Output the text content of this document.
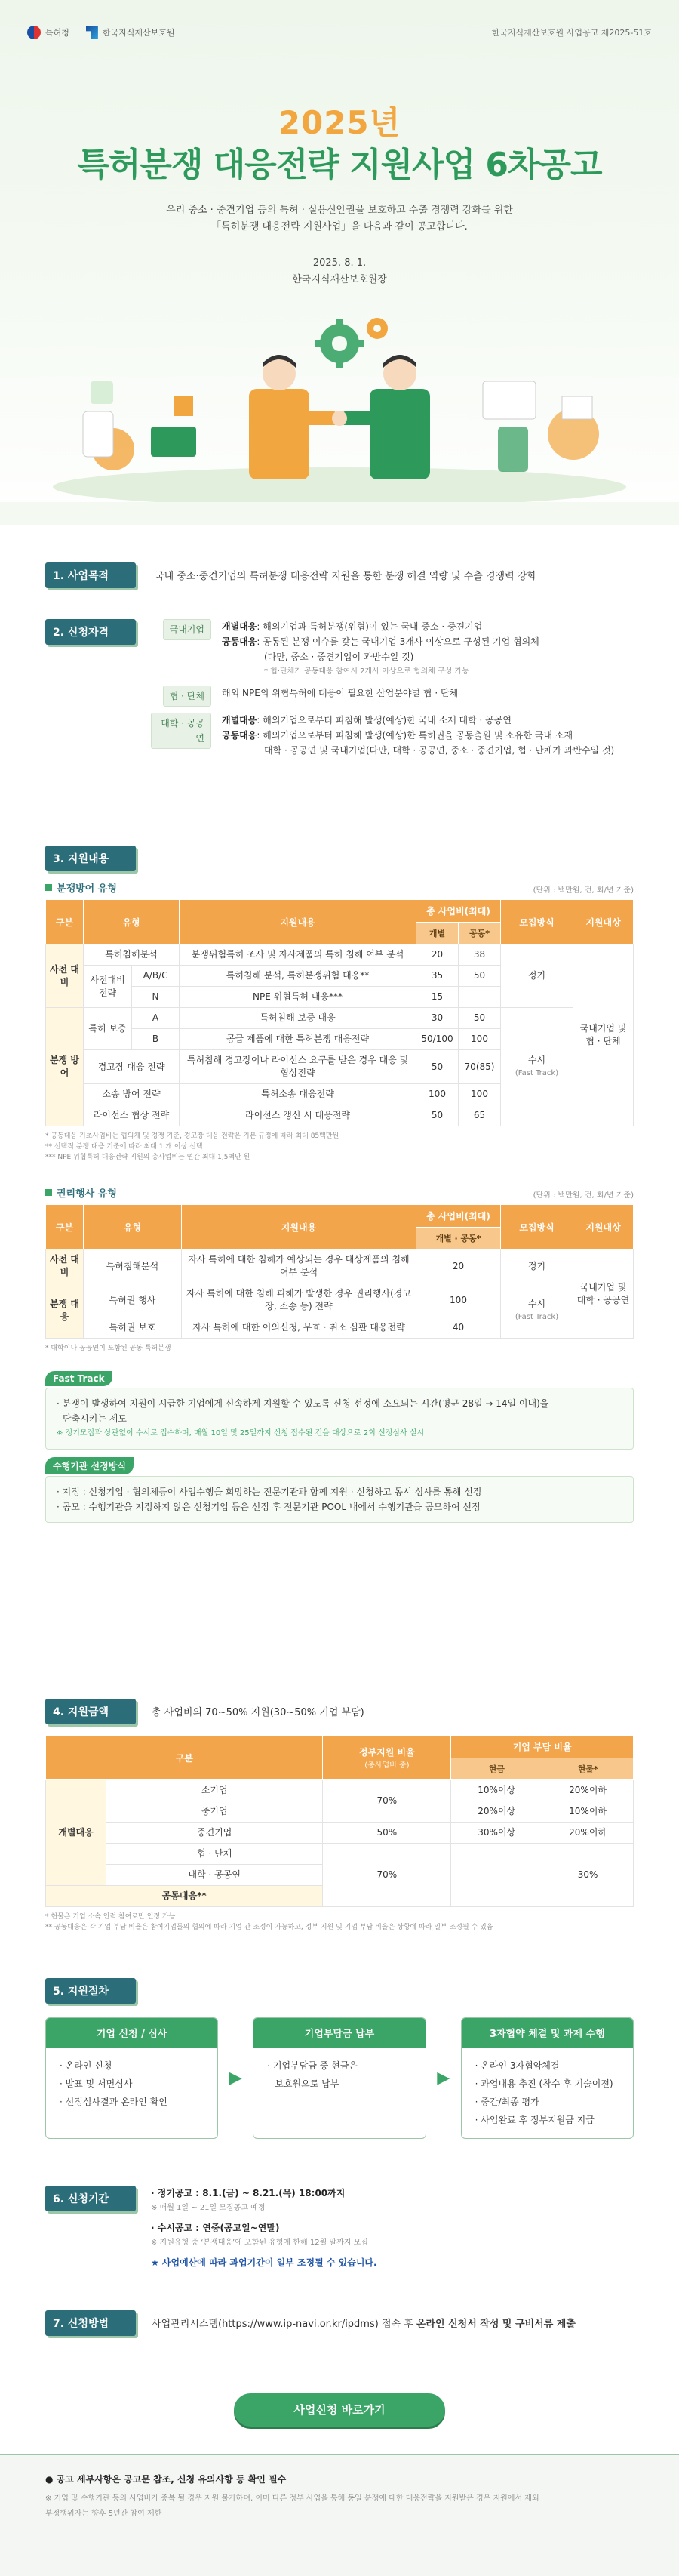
특허청	한국지식재산보호원	한국지식재산보호원 사업공고 제2025-51호
2025년
특허분쟁 대응전략 지원사업 6차공고
우리 중소 · 중견기업 등의 특허 · 실용신안권을 보호하고 수출 경쟁력 강화를 위한
「특허분쟁 대응전략 지원사업」을 다음과 같이 공고합니다.
2025. 8. 1.
한국지식재산보호원장
1. 사업목적	국내 중소·중견기업의 특허분쟁 대응전략 지원을 통한 분쟁 해결 역량 및 수출 경쟁력 강화
2. 신청자격	국내기업	개별대응: 해외기업과 특허분쟁(위협)이 있는 국내 중소 · 중견기업
공동대응: 공통된 분쟁 이슈를 갖는 국내기업 3개사 이상으로 구성된 기업 협의체
(다만, 중소 · 중견기업이 과반수일 것)
* 협·단체가 공동대응 참여시 2개사 이상으로 협의체 구성 가능
협 · 단체	해외 NPE의 위협특허에 대응이 필요한 산업분야별 협 · 단체
대학 · 공공연
개별대응: 해외기업으로부터 피침해 발생(예상)한 국내 소재 대학 · 공공연
공동대응: 해외기업으로부터 피침해 발생(예상)한 특허권을 공동출원 및 소유한 국내 소재
대학 · 공공연 및 국내기업(다만, 대학 · 공공연, 중소 · 중견기업, 협 · 단체가 과반수일 것)
3. 지원내용
분쟁방어 유형	(단위 : 백만원, 건, 회/년 기준)
구분	유형		지원내용	총 사업비(최대)		모집방식	지원대상
				개별	공동*		
사전 대비	특허침해분석		분쟁위험특허 조사 및 자사제품의 특허 침해 여부 분석	20	38	정기	국내기업 및 협 · 단체
	사전대비 전략	A/B/C	특허침해 분석, 특허분쟁위험 대응**	35	50		
		N	NPE 위협특허 대응***	15	-		
분쟁 방어	특허 보증	A	특허침해 보증 대응	30	50	수시
(Fast Track)	

		B	공급 제품에 대한 특허분쟁 대응전략	50/100	100		
	경고장 대응 전략		특허침해 경고장이나 라이선스 요구를 받은 경우 대응 및 협상전략	50	70(85)		
	소송 방어 전략		특허소송 대응전략	100	100		
	라이선스 협상 전략		라이선스 갱신 시 대응전략	50	65		
* 공동대응 기초사업비는 협의체 및 경쟁 기준, 경고장 대응 전략은 기본 규정에 따라 최대 85백만원
** 선택적 분쟁 대응 기준에 따라 최대 1 개 이상 선택
*** NPE 위협특허 대응전략 지원의 총사업비는 연간 최대 1,5백만 원
권리행사 유형	(단위 : 백만원, 건, 회/년 기준)
구분	유형	지원내용	총 사업비(최대)	모집방식	지원대상
			개별 · 공동*		
사전 대비	특허침해분석	자사 특허에 대한 침해가 예상되는 경우 대상제품의 침해여부 분석	20	정기	국내기업 및 대학 · 공공연
분쟁 대응	특허권 행사	자사 특허에 대한 침해 피해가 발생한 경우 권리행사(경고장, 소송 등) 전략	100	수시
(Fast Track)	

	특허권 보호	자사 특허에 대한 이의신청, 무효 · 취소 심판 대응전략	40		
* 대학이나 공공연이 포함된 공동 특허분쟁
Fast Track
· 분쟁이 발생하여 지원이 시급한 기업에게 신속하게 지원할 수 있도록 신청-선정에 소요되는 시간(평균 28일 → 14일 이내)을
단축시키는 제도
※ 정기모집과 상관없이 수시로 접수하며, 매월 10일 및 25일까지 신청 접수된 건을 대상으로 2회 선정심사 실시
수행기관 선정방식
· 지정 : 신청기업 · 협의체등이 사업수행을 희망하는 전문기관과 함께 지원 · 신청하고 동시 심사를 통해 선정
· 공모 : 수행기관을 지정하지 않은 신청기업 등은 선정 후 전문기관 POOL 내에서 수행기관을 공모하여 선정
4. 지원금액	총 사업비의 70~50% 지원(30~50% 기업 부담)
구분		정부지원 비율
(총사업비 중)	기업 부담 비율	
			현금	현물*
개별대응	소기업	70%	10%이상	20%이하
	중기업		20%이상	10%이하
	중견기업	50%	30%이상	20%이하
	협 · 단체	70%	-	30%
	대학 · 공공연			
공동대응**				
* 현물은 기업 소속 인력 참여로만 인정 가능
** 공동대응은 각 기업 부담 비율은 참여기업들의 협의에 따라 기업 간 조정이 가능하고, 정부 지원 및 기업 부담 비율은 상황에 따라 일부 조정될 수 있음
5. 지원절차
기업 신청 / 심사
· 온라인 신청
· 발표 및 서면심사
· 선정심사결과 온라인 확인
▶
기업부담금 납부
· 기업부담금 중 현금은
보호원으로 납부	▶
3자협약 체결 및 과제 수행
· 온라인 3자협약체결
· 과업내용 추진 (착수 후 기술이전)
· 중간/최종 평가
· 사업완료 후 정부지원금 지급
6. 신청기간	· 정기공고 : 8.1.(금) ~ 8.21.(목) 18:00까지
※ 매월 1일 ~ 21일 모집공고 예정
· 수시공고 : 연중(공고일~연말)
※ 지원유형 중 ‘분쟁대응’에 포함된 유형에 한해 12월 말까지 모집
★ 사업예산에 따라 과업기간이 일부 조정될 수 있습니다.
7. 신청방법	사업관리시스템(https://www.ip-navi.or.kr/ipdms) 접속 후 온라인 신청서 작성 및 구비서류 제출
사업신청 바로가기
● 공고 세부사항은 공고문 참조, 신청 유의사항 등 확인 필수
※ 기업 및 수행기관 등의 사업비가 중복 될 경우 지원 불가하며, 이미 다른 정부 사업을 통해 동일 분쟁에 대한 대응전략을 지원받은 경우 지원에서 제외
부정행위자는 향후 5년간 참여 제한
